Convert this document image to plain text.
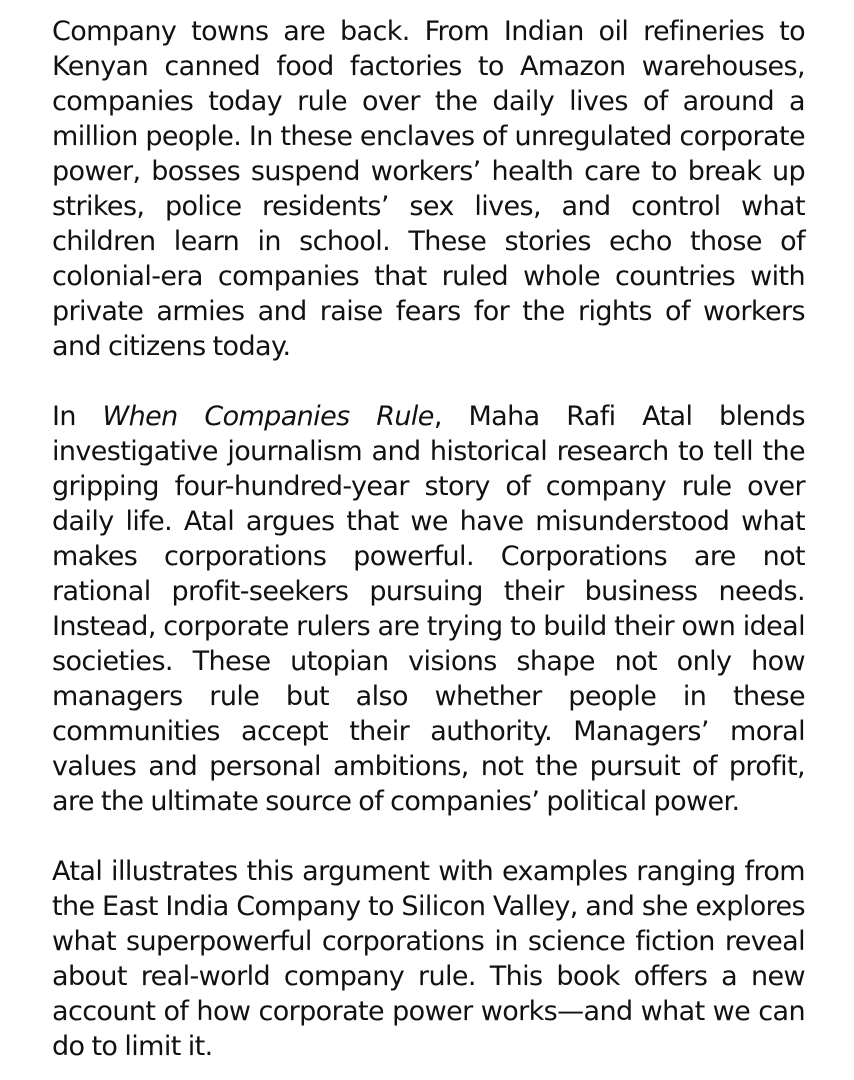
Company towns are back. From Indian oil refineries to Kenyan canned food factories to Amazon warehouses, companies today rule over the daily lives of around a million people. In these enclaves of unregulated corporate power, bosses suspend workers’ health care to break up strikes, police residents’ sex lives, and control what children learn in school. These stories echo those of colonial-era companies that ruled whole countries with private armies and raise fears for the rights of workers and citizens today.

In When Companies Rule, Maha Rafi Atal blends investigative journalism and historical research to tell the gripping four-hundred-year story of company rule over daily life. Atal argues that we have misunderstood what makes corporations powerful. Corporations are not rational profit-seekers pursuing their business needs. Instead, corporate rulers are trying to build their own ideal societies. These utopian visions shape not only how managers rule but also whether people in these communities accept their authority. Managers’ moral values and personal ambitions, not the pursuit of profit, are the ultimate source of companies’ political power.

Atal illustrates this argument with examples ranging from the East India Company to Silicon Valley, and she explores what superpowerful corporations in science fiction reveal about real-world company rule. This book offers a new account of how corporate power works—and what we can do to limit it.
